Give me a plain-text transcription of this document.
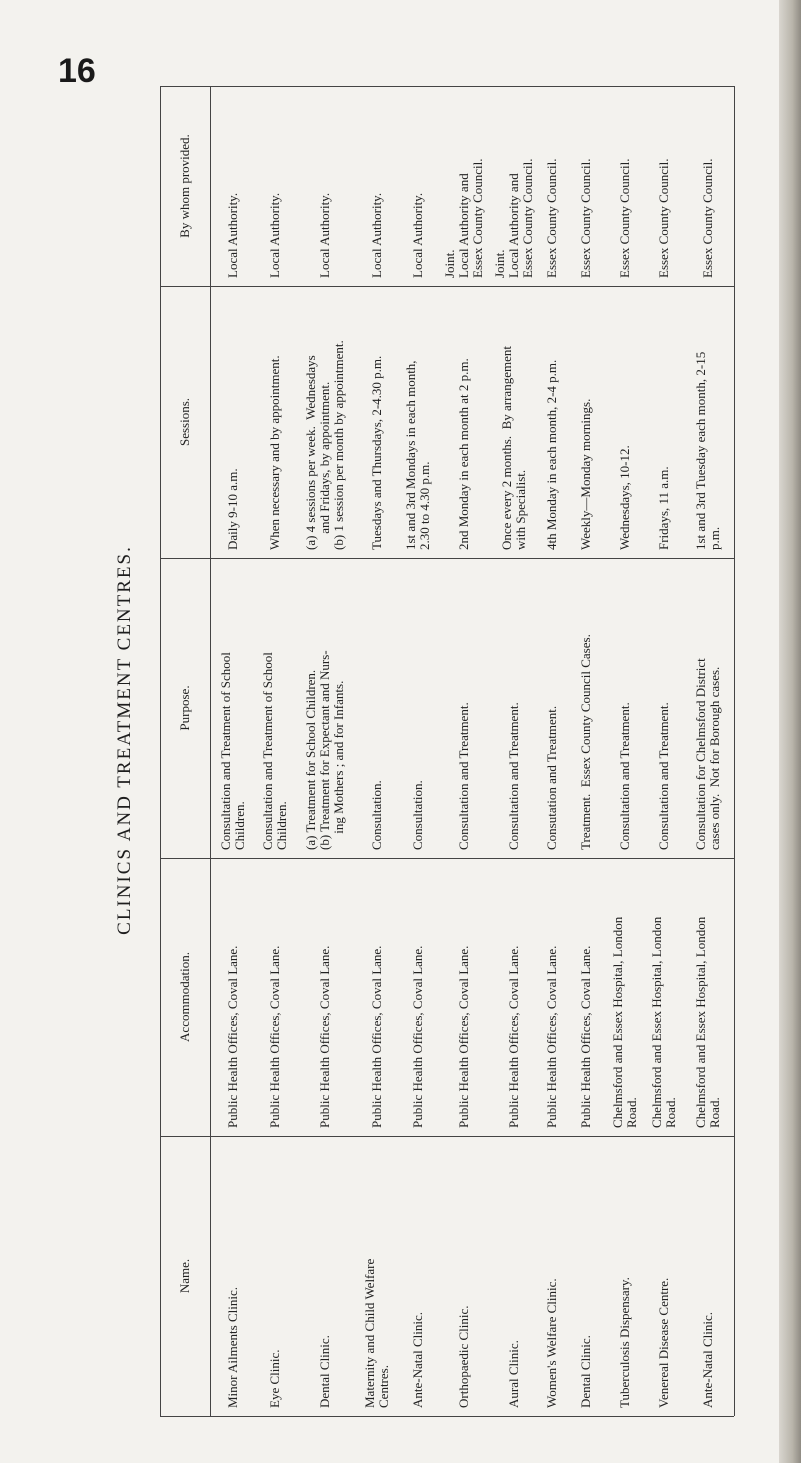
16
CLINICS AND TREATMENT CENTRES.
By whom provided.
Sessions.
Purpose.
Accommodation.
Name.
Local Authority.
Daily 9-10 a.m.
Consultation and Treatment of School
Children.
Public Health Offices, Coval Lane.
Minor Ailments Clinic.
Local Authority.
When necessary and by appointment.
Consultation and Treatment of School
Children.
Public Health Offices, Coval Lane.
Eye Clinic.
Local Authority.
(a) 4 sessions per week.  Wednesdays
and Fridays, by appointment.
(b) 1 session per month by appointment.
(a) Treatment for School Children.
(b) Treatment for Expectant and Nurs-
ing Mothers ; and for Infants.
Public Health Offices, Coval Lane.
Dental Clinic.
Local Authority.
Tuesdays and Thursdays, 2-4.30 p.m.
Consultation.
Public Health Offices, Coval Lane.
Maternity and Child Welfare
Centres.
Local Authority.
1st and 3rd Mondays in each month,
2.30 to 4.30 p.m.
Consultation.
Public Health Offices, Coval Lane.
Ante-Natal Clinic.
Joint.
Local Authority and
Essex County Council.
2nd Monday in each month at 2 p.m.
Consultation and Treatment.
Public Health Offices, Coval Lane.
Orthopaedic Clinic.
Joint.
Local Authority and
Essex County Council.
Once every 2 months.  By arrangement
with Specialist.
Consultation and Treatment.
Public Health Offices, Coval Lane.
Aural Clinic.
Essex County Council.
4th Monday in each month, 2-4 p.m.
Consutation and Treatment.
Public Health Offices, Coval Lane.
Women's Welfare Clinic.
Essex County Council.
Weekly—Monday mornings.
Treatment.  Essex County Council Cases.
Public Health Offices, Coval Lane.
Dental Clinic.
Essex County Council.
Wednesdays, 10-12.
Consultation and Treatment.
Chelmsford and Essex Hospital, London
Road.
Tuberculosis Dispensary.
Essex County Council.
Fridays, 11 a.m.
Consultation and Treatment.
Chelmsford and Essex Hospital, London
Road.
Venereal Disease Centre.
Essex County Council.
1st and 3rd Tuesday each month, 2-15
p.m.
Consultation for Chelmsford District
cases only.  Not for Borough cases.
Chelmsford and Essex Hospital, London
Road.
Ante-Natal Clinic.
